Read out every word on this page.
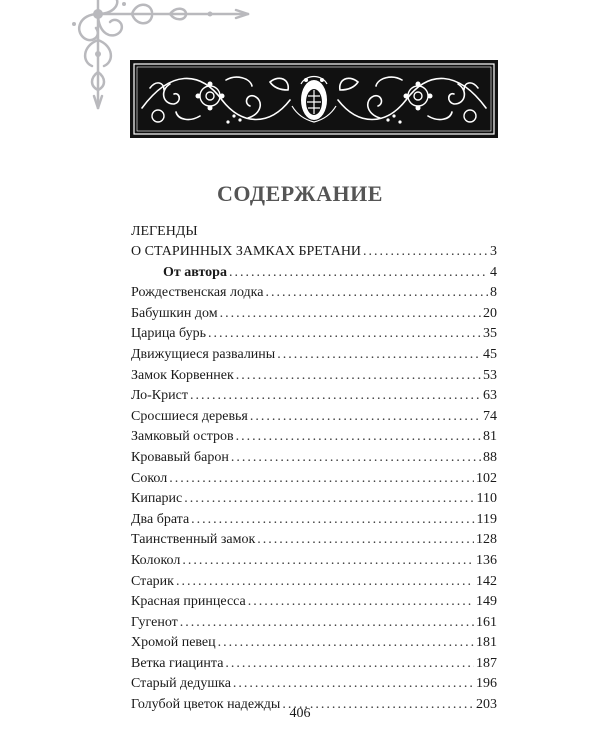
СОДЕРЖАНИЕ
ЛЕГЕНДЫ
О СТАРИННЫХ ЗАМКАХ БРЕТАНИ .....	3
От автора .....	4
Рождественская лодка .....	8
Бабушкин дом .....	20
Царица бурь .....	35
Движущиеся развалины .....	45
Замок Корвеннек .....	53
Ло-Крист .....	63
Сросшиеся деревья .....	74
Замковый остров .....	81
Кровавый барон .....	88
Сокол .....	102
Кипарис .....	110
Два брата .....	119
Таинственный замок .....	128
Колокол .....	136
Старик .....	142
Красная принцесса .....	149
Гугенот .....	161
Хромой певец .....	181
Ветка гиацинта .....	187
Старый дедушка .....	196
Голубой цветок надежды .....	203
406
